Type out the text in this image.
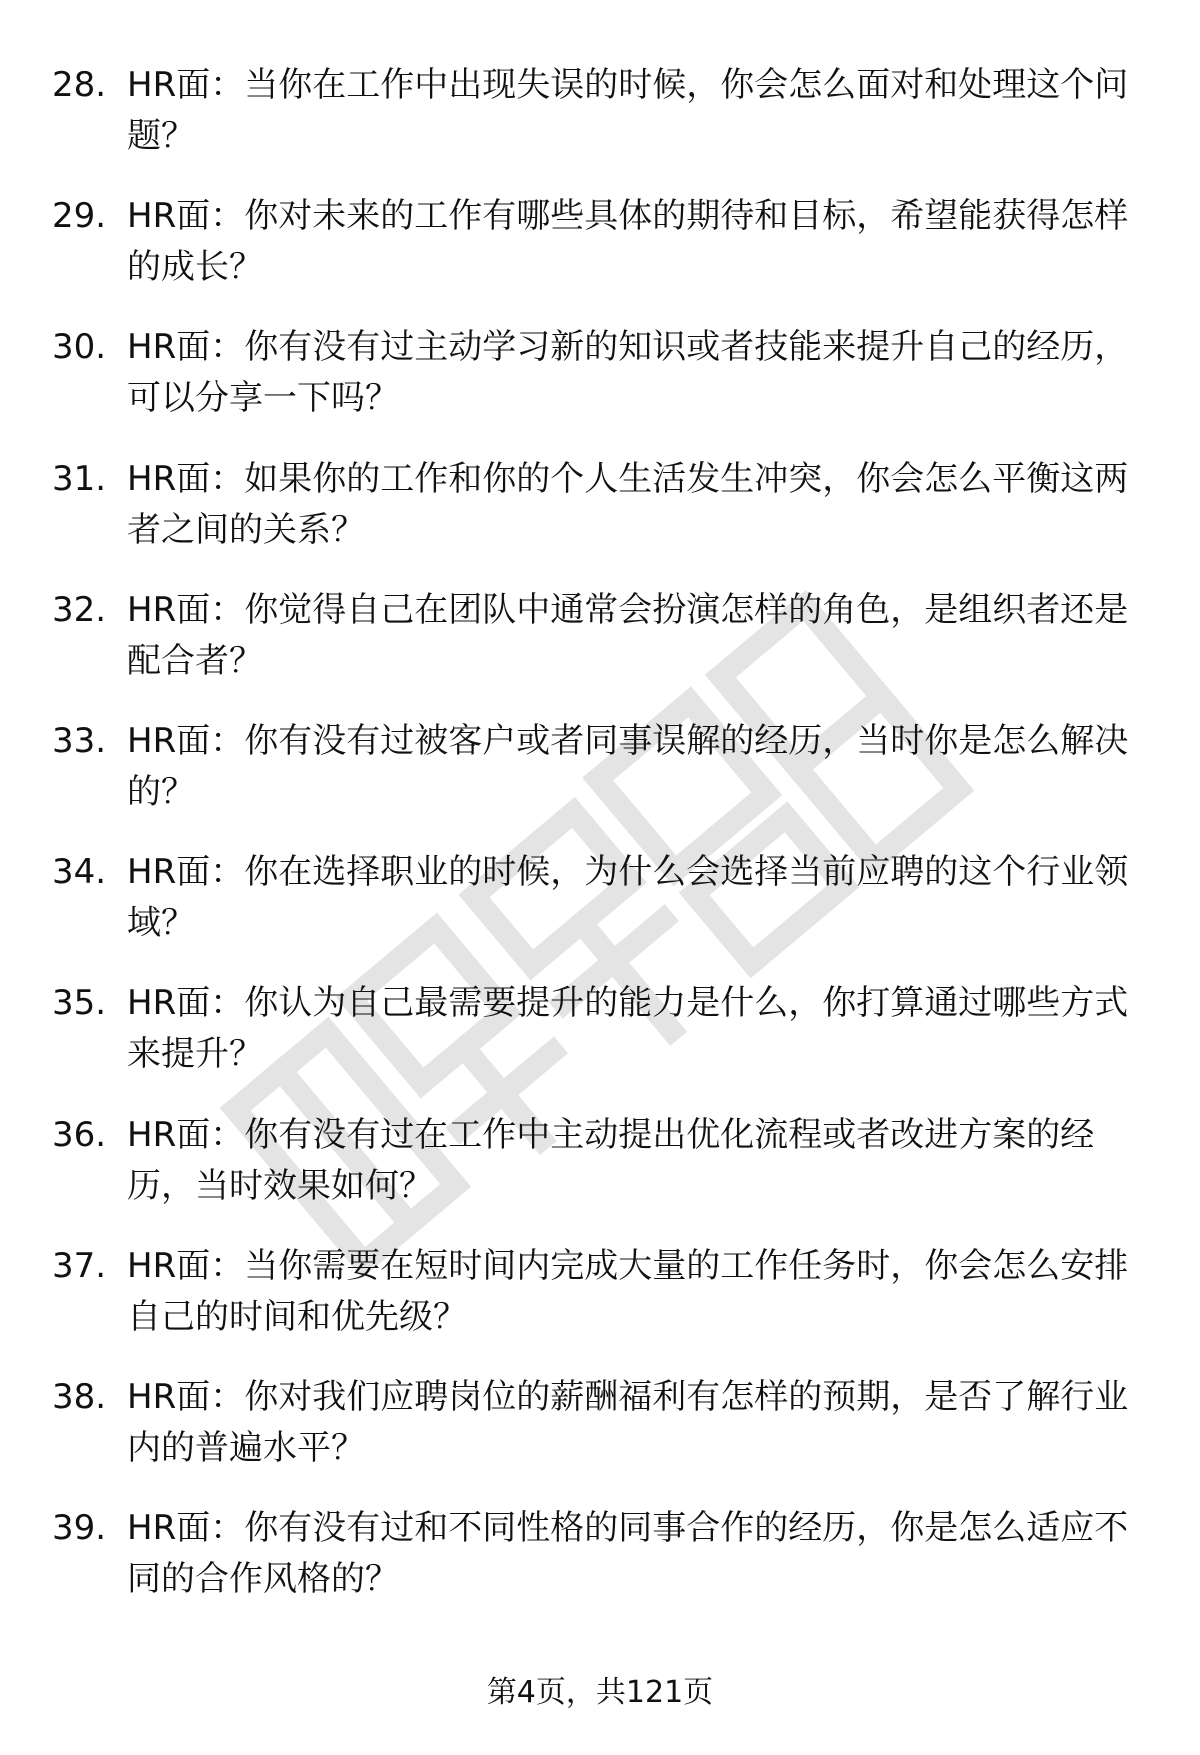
28. HR面：当你在工作中出现失误的时候，你会怎么面对和处理这个问题？
29. HR面：你对未来的工作有哪些具体的期待和目标，希望能获得怎样的成长？
30. HR面：你有没有过主动学习新的知识或者技能来提升自己的经历，可以分享一下吗？
31. HR面：如果你的工作和你的个人生活发生冲突，你会怎么平衡这两者之间的关系？
32. HR面：你觉得自己在团队中通常会扮演怎样的角色，是组织者还是配合者？
33. HR面：你有没有过被客户或者同事误解的经历，当时你是怎么解决的？
34. HR面：你在选择职业的时候，为什么会选择当前应聘的这个行业领域？
35. HR面：你认为自己最需要提升的能力是什么，你打算通过哪些方式来提升？
36. HR面：你有没有过在工作中主动提出优化流程或者改进方案的经历，当时效果如何？
37. HR面：当你需要在短时间内完成大量的工作任务时，你会怎么安排自己的时间和优先级？
38. HR面：你对我们应聘岗位的薪酬福利有怎样的预期，是否了解行业内的普遍水平？
39. HR面：你有没有过和不同性格的同事合作的经历，你是怎么适应不同的合作风格的？
第4页，共121页
